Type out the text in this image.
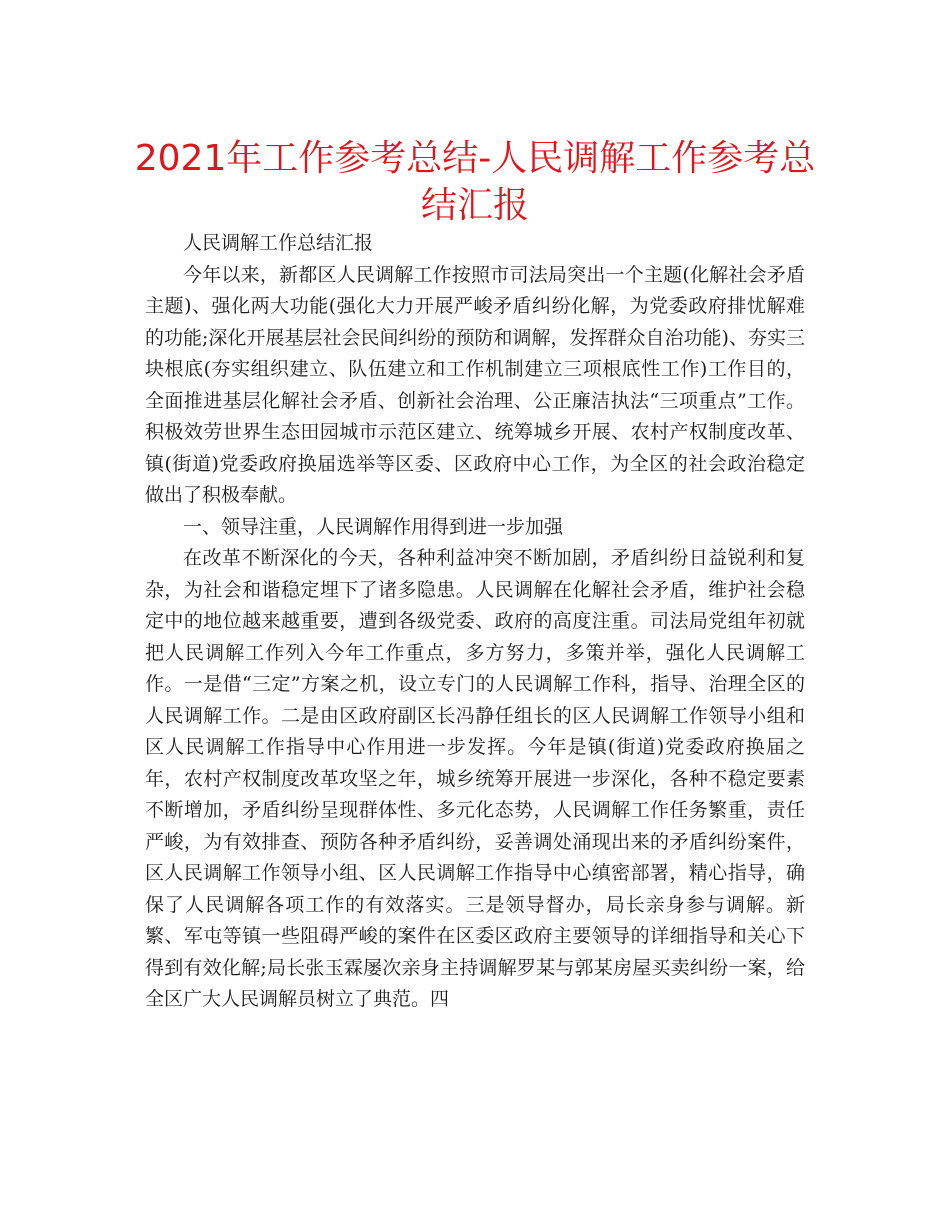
2021年工作参考总结-人民调解工作参考总结汇报

人民调解工作总结汇报

今年以来，新都区人民调解工作按照市司法局突出一个主题(化解社会矛盾主题)、强化两大功能(强化大力开展严峻矛盾纠纷化解，为党委政府排忧解难的功能;深化开展基层社会民间纠纷的预防和调解，发挥群众自治功能)、夯实三块根底(夯实组织建立、队伍建立和工作机制建立三项根底性工作)工作目的，全面推进基层化解社会矛盾、创新社会治理、公正廉洁执法“三项重点”工作。积极效劳世界生态田园城市示范区建立、统筹城乡开展、农村产权制度改革、镇(街道)党委政府换届选举等区委、区政府中心工作，为全区的社会政治稳定做出了积极奉献。

一、领导注重，人民调解作用得到进一步加强

在改革不断深化的今天，各种利益冲突不断加剧，矛盾纠纷日益锐利和复杂，为社会和谐稳定埋下了诸多隐患。人民调解在化解社会矛盾，维护社会稳定中的地位越来越重要，遭到各级党委、政府的高度注重。司法局党组年初就把人民调解工作列入今年工作重点，多方努力，多策并举，强化人民调解工作。一是借“三定”方案之机，设立专门的人民调解工作科，指导、治理全区的人民调解工作。二是由区政府副区长冯静任组长的区人民调解工作领导小组和区人民调解工作指导中心作用进一步发挥。今年是镇(街道)党委政府换届之年，农村产权制度改革攻坚之年，城乡统筹开展进一步深化，各种不稳定要素不断增加，矛盾纠纷呈现群体性、多元化态势，人民调解工作任务繁重，责任严峻，为有效排查、预防各种矛盾纠纷，妥善调处涌现出来的矛盾纠纷案件，区人民调解工作领导小组、区人民调解工作指导中心缜密部署，精心指导，确保了人民调解各项工作的有效落实。三是领导督办，局长亲身参与调解。新繁、军屯等镇一些阻碍严峻的案件在区委区政府主要领导的详细指导和关心下得到有效化解;局长张玉霖屡次亲身主持调解罗某与郭某房屋买卖纠纷一案，给全区广大人民调解员树立了典范。四
